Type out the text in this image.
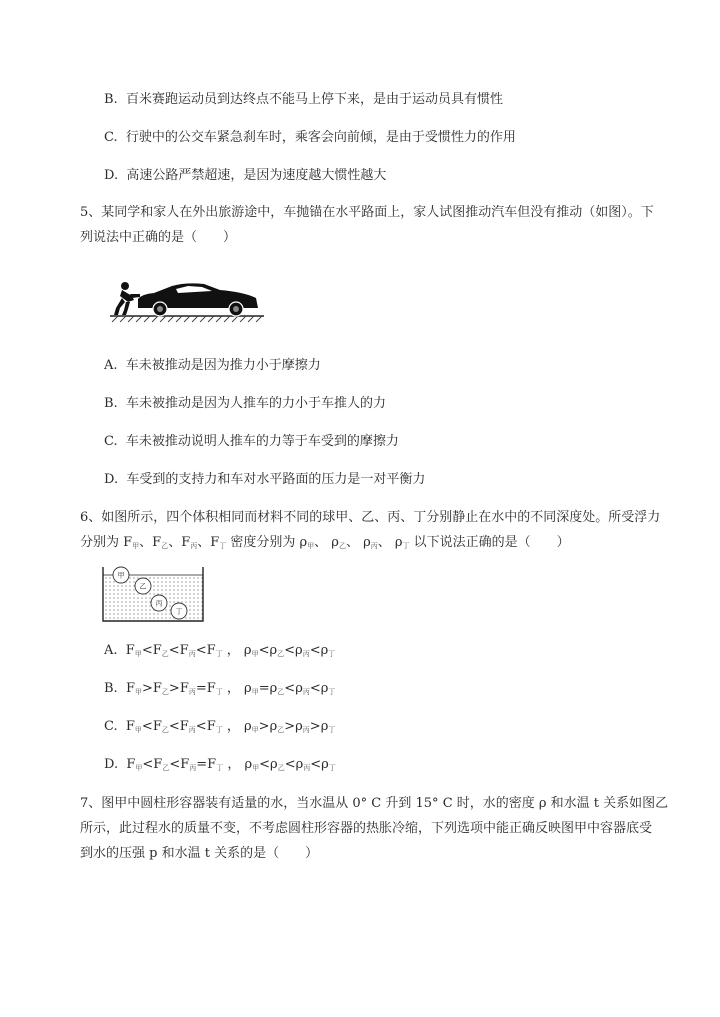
B. 百米赛跑运动员到达终点不能马上停下来，是由于运动员具有惯性
C. 行驶中的公交车紧急刹车时，乘客会向前倾，是由于受惯性力的作用
D. 高速公路严禁超速，是因为速度越大惯性越大
5、某同学和家人在外出旅游途中，车抛锚在水平路面上，家人试图推动汽车但没有推动（如图）。下
列说法中正确的是（　　）
A. 车未被推动是因为推力小于摩擦力
B. 车未被推动是因为人推车的力小于车推人的力
C. 车未被推动说明人推车的力等于车受到的摩擦力
D. 车受到的支持力和车对水平路面的压力是一对平衡力
6、如图所示，四个体积相同而材料不同的球甲、乙、丙、丁分别静止在水中的不同深度处。所受浮力
分别为 $F_甲$、$F_乙$、$F_丙$、$F_丁$ 密度分别为 $\rho_甲$、 $\rho_乙$、 $\rho_丙$、 $\rho_丁$ 以下说法正确的是（　　）
甲
乙
丙
丁
A.  $F_甲<F_乙<F_丙<F_丁$ ， $\rho_甲<\rho_乙<\rho_丙<\rho_丁$
B.  $F_甲>F_乙>F_丙=F_丁$ ， $\rho_甲=\rho_乙<\rho_丙<\rho_丁$
C.  $F_甲<F_乙<F_丙<F_丁$ ， $\rho_甲>\rho_乙>\rho_丙>\rho_丁$
D.  $F_甲<F_乙<F_丙=F_丁$ ， $\rho_甲<\rho_乙<\rho_丙<\rho_丁$
7、图甲中圆柱形容器装有适量的水，当水温从 0° C 升到 15° C 时，水的密度 ρ 和水温 t 关系如图乙
所示，此过程水的质量不变，不考虑圆柱形容器的热胀冷缩，下列选项中能正确反映图甲中容器底受
到水的压强 p 和水温 t 关系的是（　　）
